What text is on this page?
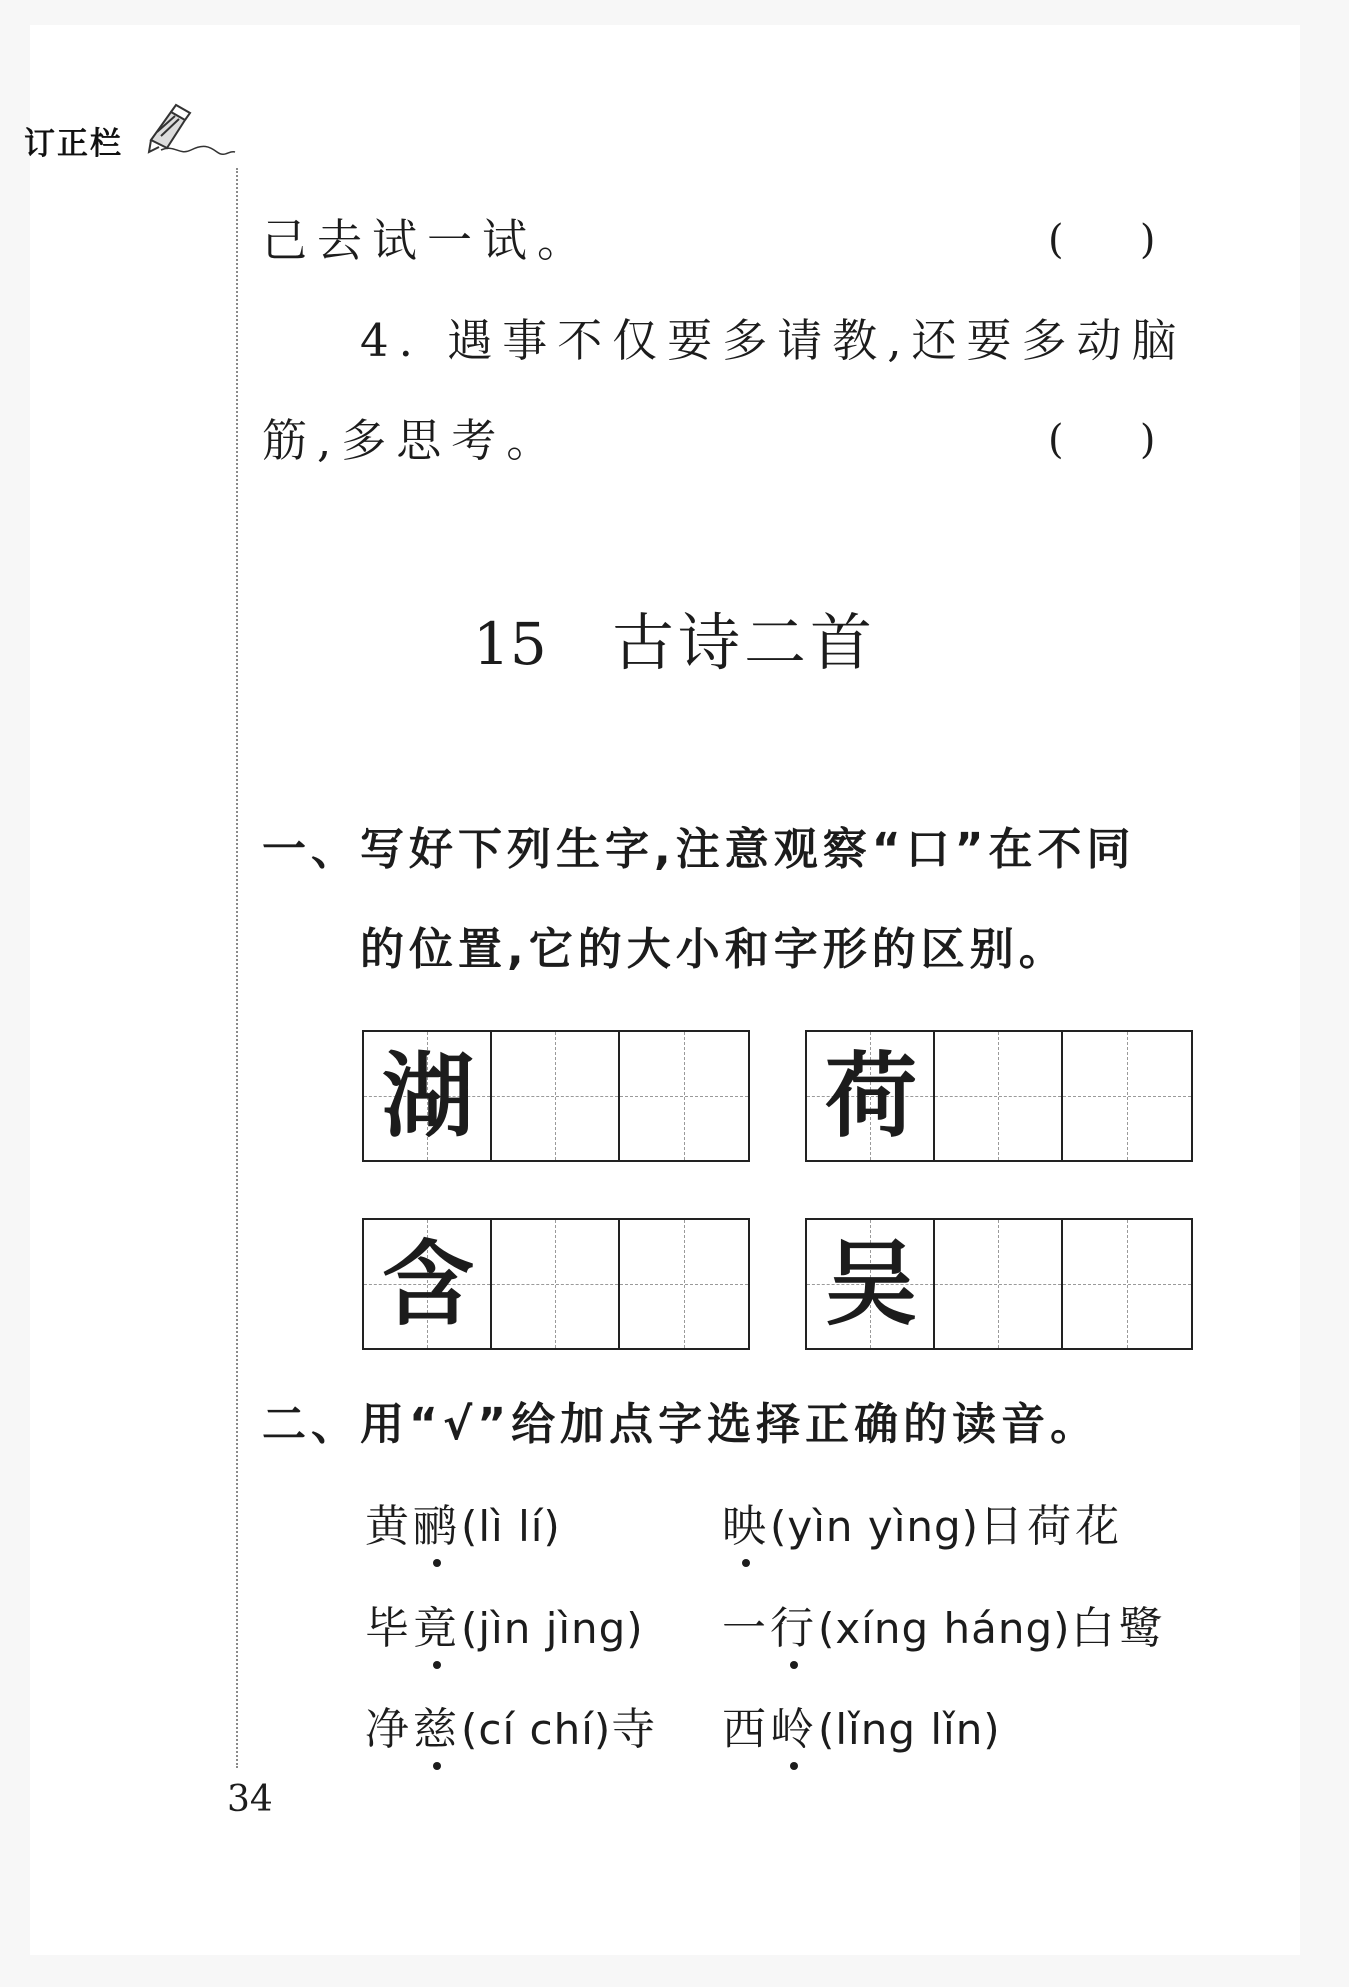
订正栏
己去试一试。	(      )
4. 遇事不仅要多请教,还要多动脑
筋,多思考。	(      )
15 古诗二首
一、写好下列生字,注意观察“口”在不同
的位置,它的大小和字形的区别。
湖	荷
含	吴
二、用“√”给加点字选择正确的读音。
黄鹂(lì lí)	映(yìn yìng)日荷花
毕竟(jìn jìng) 一行(xíng háng)白鹭
净慈(cí chí)寺 西岭(lǐng lǐn)
34
